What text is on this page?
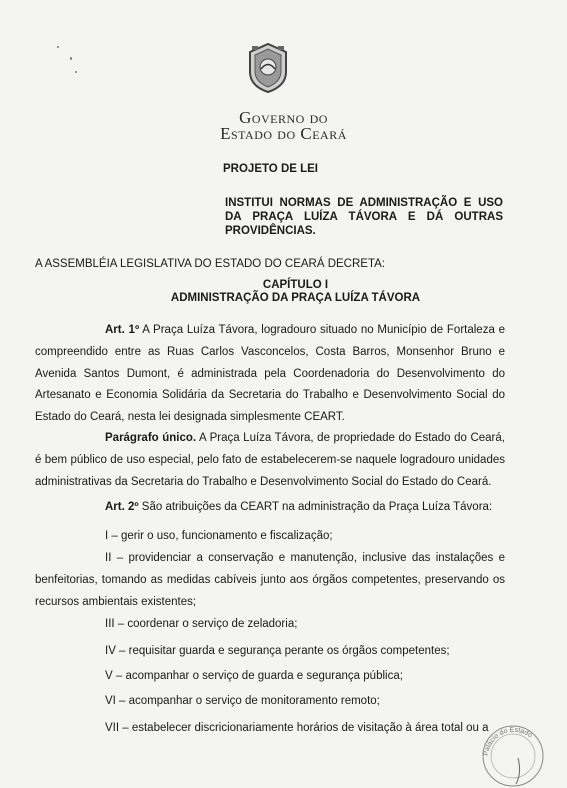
Governo do
Estado do Ceará
PROJETO DE LEI
INSTITUI NORMAS DE ADMINISTRAÇÃO E USO DA PRAÇA LUÍZA TÁVORA E DÁ OUTRAS PROVIDÊNCIAS.
A ASSEMBLÉIA LEGISLATIVA DO ESTADO DO CEARÁ DECRETA:
CAPÍTULO I
ADMINISTRAÇÃO DA PRAÇA LUÍZA TÁVORA

Art. 1º A Praça Luíza Távora, logradouro situado no Município de Fortaleza e compreendido entre as Ruas Carlos Vasconcelos, Costa Barros, Monsenhor Bruno e Avenida Santos Dumont, é administrada pela Coordenadoria do Desenvolvimento do Artesanato e Economia Solidária da Secretaria do Trabalho e Desenvolvimento Social do Estado do Ceará, nesta lei designada simplesmente CEART.

Parágrafo único. A Praça Luíza Távora, de propriedade do Estado do Ceará, é bem público de uso especial, pelo fato de estabelecerem-se naquele logradouro unidades administrativas da Secretaria do Trabalho e Desenvolvimento Social do Estado do Ceará.

Art. 2º São atribuições da CEART na administração da Praça Luíza Távora:

I – gerir o uso, funcionamento e fiscalização;
II – providenciar a conservação e manutenção, inclusive das instalações e benfeitorias, tomando as medidas cabíveis junto aos órgãos competentes, preservando os recursos ambientais existentes;
III – coordenar o serviço de zeladoria;
IV – requisitar guarda e segurança perante os órgãos competentes;
V – acompanhar o serviço de guarda e segurança pública;
VI – acompanhar o serviço de monitoramento remoto;
VII – estabelecer discricionariamente horários de visitação à área total ou a
Palácio do Estado
